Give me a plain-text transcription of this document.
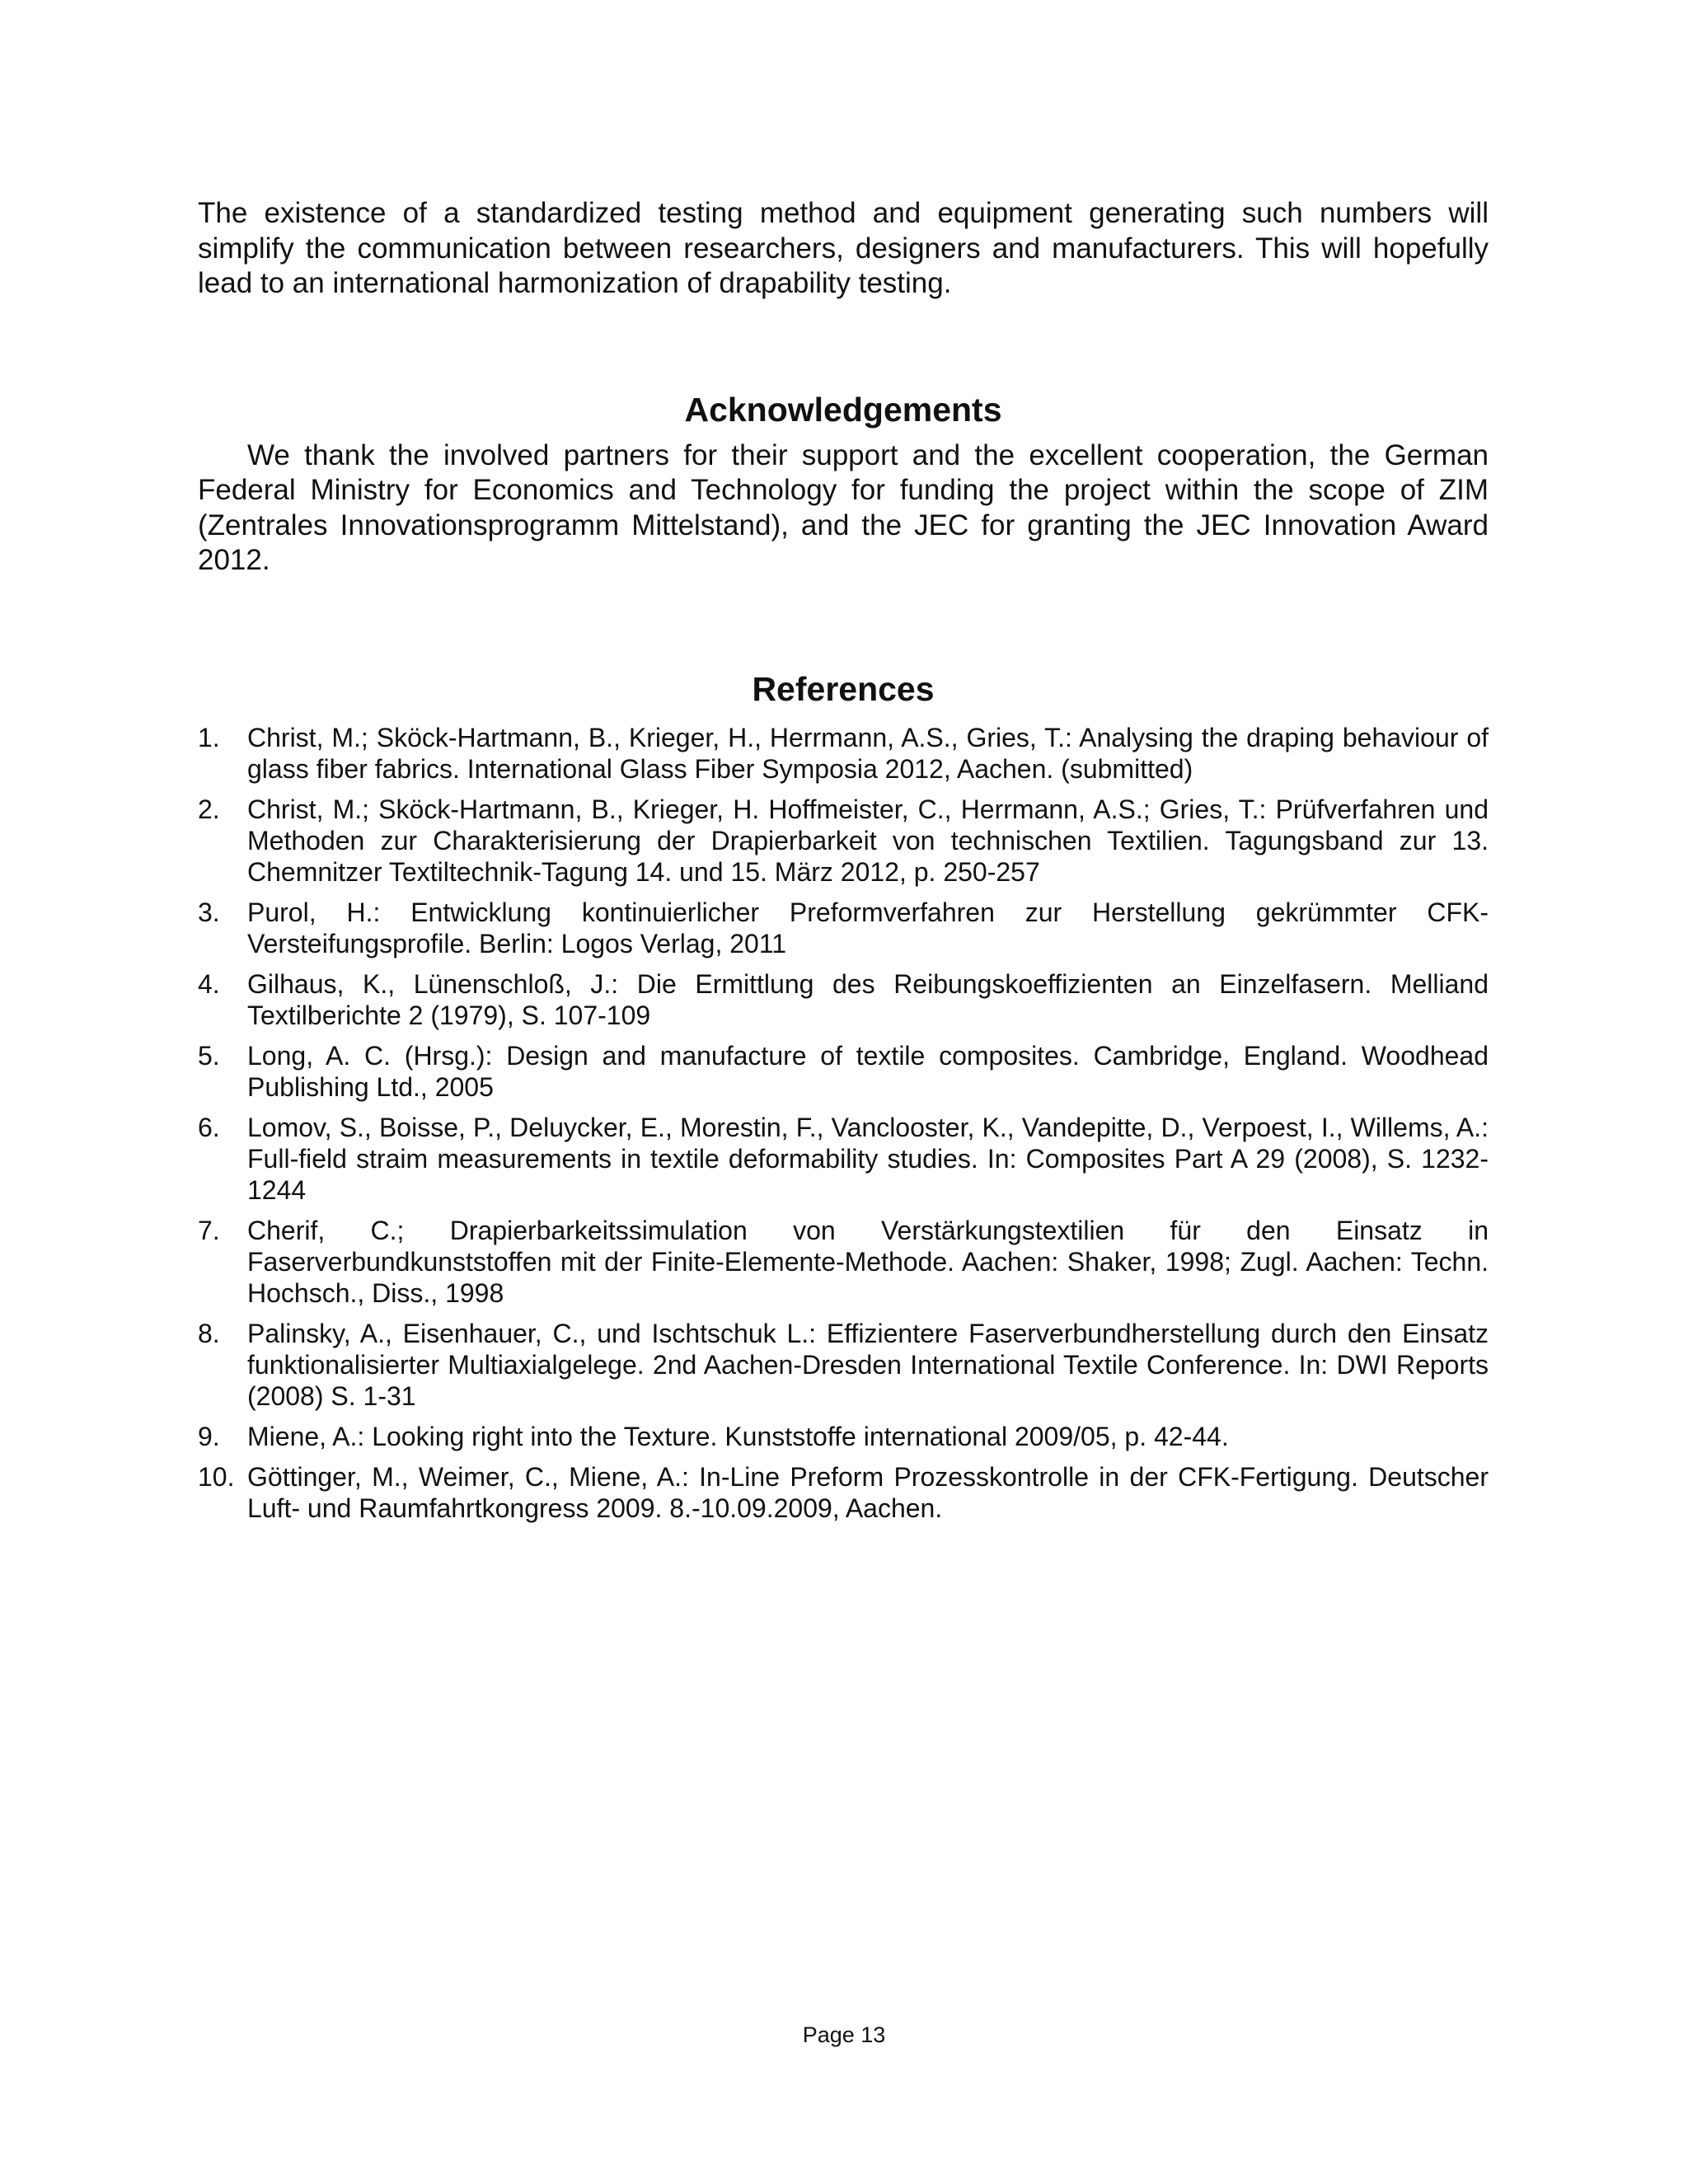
The existence of a standardized testing method and equipment generating such numbers will simplify the communication between researchers, designers and manufacturers. This will hopefully lead to an international harmonization of drapability testing.

Acknowledgements

We thank the involved partners for their support and the excellent cooperation, the German Federal Ministry for Economics and Technology for funding the project within the scope of ZIM (Zentrales Innovationsprogramm Mittelstand), and the JEC for granting the JEC Innovation Award 2012.

References
1. Christ, M.; Sköck-Hartmann, B., Krieger, H., Herrmann, A.S., Gries, T.: Analysing the draping behaviour of glass fiber fabrics. International Glass Fiber Symposia 2012, Aachen. (submitted)
2. Christ, M.; Sköck-Hartmann, B., Krieger, H. Hoffmeister, C., Herrmann, A.S.; Gries, T.: Prüfverfahren und Methoden zur Charakterisierung der Drapierbarkeit von technischen Textilien. Tagungsband zur 13. Chemnitzer Textiltechnik-Tagung 14. und 15. März 2012, p. 250-257
3. Purol, H.: Entwicklung kontinuierlicher Preformverfahren zur Herstellung gekrümmter CFK-Versteifungsprofile. Berlin: Logos Verlag, 2011
4. Gilhaus, K., Lünenschloß, J.: Die Ermittlung des Reibungskoeffizienten an Einzelfasern. Melliand Textilberichte 2 (1979), S. 107-109
5. Long, A. C. (Hrsg.): Design and manufacture of textile composites. Cambridge, England. Woodhead Publishing Ltd., 2005
6. Lomov, S., Boisse, P., Deluycker, E., Morestin, F., Vanclooster, K., Vandepitte, D., Verpoest, I., Willems, A.: Full-field straim measurements in textile deformability studies. In: Composites Part A 29 (2008), S. 1232-1244
7. Cherif, C.; Drapierbarkeitssimulation von Verstärkungstextilien für den Einsatz in Faserverbundkunststoffen mit der Finite-Elemente-Methode. Aachen: Shaker, 1998; Zugl. Aachen: Techn. Hochsch., Diss., 1998
8. Palinsky, A., Eisenhauer, C., und Ischtschuk L.: Effizientere Faserverbundherstellung durch den Einsatz funktionalisierter Multiaxialgelege. 2nd Aachen-Dresden International Textile Conference. In: DWI Reports (2008) S. 1-31
9. Miene, A.: Looking right into the Texture. Kunststoffe international 2009/05, p. 42-44.
10. Göttinger, M., Weimer, C., Miene, A.: In-Line Preform Prozesskontrolle in der CFK-Fertigung. Deutscher Luft- und Raumfahrtkongress 2009. 8.-10.09.2009, Aachen.
Page 13
